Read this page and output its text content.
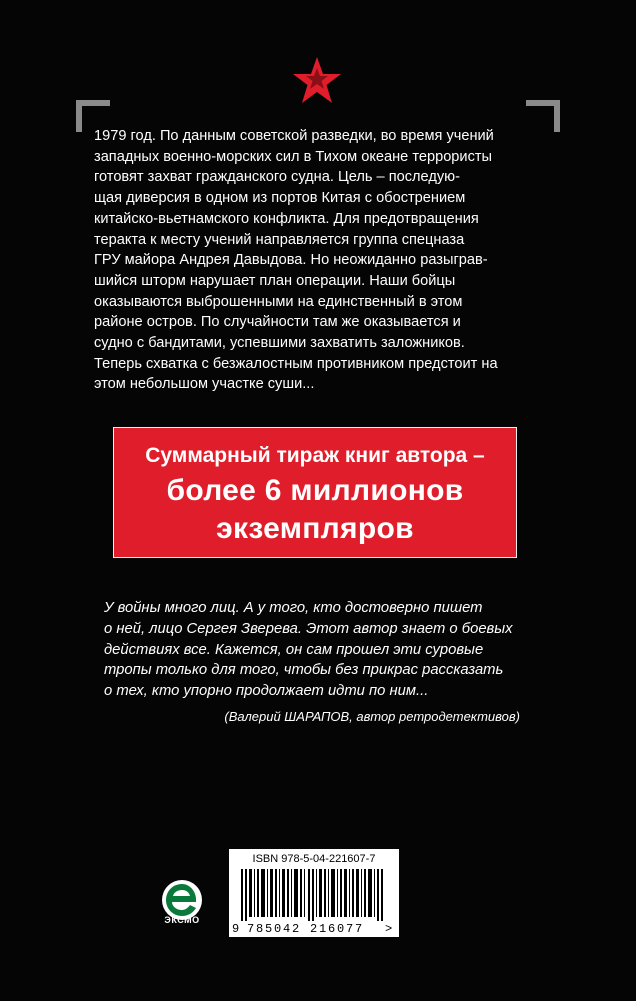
1979 год. По данным советской разведки, во время учений
западных военно-морских сил в Тихом океане террористы
готовят захват гражданского судна. Цель – последую-
щая диверсия в одном из портов Китая с обострением
китайско-вьетнамского конфликта. Для предотвращения
теракта к месту учений направляется группа спецназа
ГРУ майора Андрея Давыдова. Но неожиданно разыграв-
шийся шторм нарушает план операции. Наши бойцы
оказываются выброшенными на единственный в этом
районе остров. По случайности там же оказывается и
судно с бандитами, успевшими захватить заложников.
Теперь схватка с безжалостным противником предстоит на
этом небольшом участке суши...
Суммарный тираж книг автора –
более 6 миллионов
экземпляров
У войны много лиц. А у того, кто достоверно пишет
о ней, лицо Сергея Зверева. Этот автор знает о боевых
действиях все. Кажется, он сам прошел эти суровые
тропы только для того, чтобы без прикрас рассказать
о тех, кто упорно продолжает идти по ним...
(Валерий ШАРАПОВ, автор ретродетективов)
ЭКСМО
ISBN 978-5-04-221607-7
9 785042 216077 >
